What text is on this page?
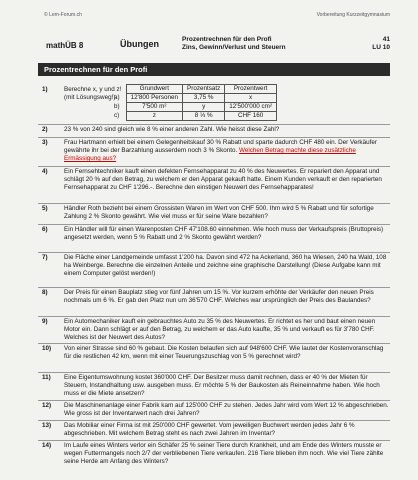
© Lern-Forum.ch	Vorbereitung Kurzzeitgymnasium
mathÜB 8	Übungen	Prozentrechnen für den Profi
Zins, Gewinn/Verlust und Steuern
41
LU 10
Prozentrechnen für den Profi
1)	Berechne x, y und z!
(mit Lösungsweg!)
	Grundwert	Prozentsatz	Prozentwert
a)	12'800 Personen	3,75 %	x
b)	7'500 m²	y	12'500'000 cm²
c)	z	8 ⅓ %	CHF 160
2)	23 % von 240 sind gleich wie 8 % einer anderen Zahl. Wie heisst diese Zahl?
3)	Frau Hartmann erhielt bei einem Gelegenheitskauf 30 % Rabatt und sparte dadurch CHF 480 ein. Der Verkäufer gewährte ihr bei der Barzahlung ausserdem noch 3 % Skonto. Welchen Betrag machte diese zusätzliche Ermässigung aus?
4)	Ein Fernsehtechniker kauft einen defekten Fernsehapparat zu 40 % des Neuwertes. Er repariert den Apparat und schlägt 20 % auf den Betrag, zu welchem er den Apparat gekauft hatte. Einem Kunden verkauft er den reparierten Fernsehapparat zu CHF 1'296.-. Berechne den einstigen Neuwert des Fernsehapparates!
5)	Händler Roth bezieht bei einem Grossisten Waren im Wert von CHF 500. Ihm wird 5 % Rabatt und für sofortige Zahlung 2 % Skonto gewährt. Wie viel muss er für seine Ware bezahlen?
6)	Ein Händler will für einen Warenposten CHF 47'108.60 einnehmen. Wie hoch muss der Verkaufspreis (Bruttopreis) angesetzt werden, wenn 5 % Rabatt und 2 % Skonto gewährt werden?
7)	Die Fläche einer Landgemeinde umfasst 1'200 ha. Davon sind 472 ha Ackerland, 360 ha Wiesen, 240 ha Wald, 108 ha Weinberge. Berechne die einzelnen Anteile und zeichne eine graphische Darstellung! (Diese Aufgabe kann mit einem Computer gelöst werden!)
8)	Der Preis für einen Bauplatz stieg vor fünf Jahren um 15 %. Vor kurzem erhöhte der Verkäufer den neuen Preis nochmals um 6 %. Er gab den Platz nun um 36'570 CHF. Welches war ursprünglich der Preis des Baulandes?
9)	Ein Automechaniker kauft ein gebrauchtes Auto zu 35 % des Neuwertes. Er richtet es her und baut einen neuen Motor ein. Dann schlägt er auf den Betrag, zu welchem er das Auto kaufte, 35 % und verkauft es für 3'780 CHF. Welches ist der Neuwert des Autos?
10) Von einer Strasse sind 60 % gebaut. Die Kosten belaufen sich auf 948'600 CHF. Wie lautet der Kostenvoranschlag für die restlichen 42 km, wenn mit einer Teuerungszuschlag von 5 % gerechnet wird?
11) Eine Eigentumswohnung kostet 360'000 CHF. Der Besitzer muss damit rechnen, dass er 40 % der Mieten für Steuern, Instandhaltung usw. ausgeben muss. Er möchte 5 % der Baukosten als Reineinnahme haben. Wie hoch muss er die Miete ansetzen?
12) Die Maschinenanlage einer Fabrik kam auf 125'000 CHF zu stehen. Jedes Jahr wird vom Wert 12 % abgeschrieben. Wie gross ist der Inventarwert nach drei Jahren?
13) Das Mobiliar einer Firma ist mit 250'000 CHF gewertet. Vom jeweiligen Buchwert werden jedes Jahr 6 % abgeschrieben. Mit welchem Betrag steht es nach zwei Jahren im Inventar?
14) Im Laufe eines Winters verlor ein Schäfer 25 % seiner Tiere durch Krankheit, und am Ende des Winters musste er wegen Futtermangels noch 2/7 der verbliebenen Tiere verkaufen. 216 Tiere blieben ihm noch. Wie viel Tiere zählte seine Herde am Anfang des Winters?
